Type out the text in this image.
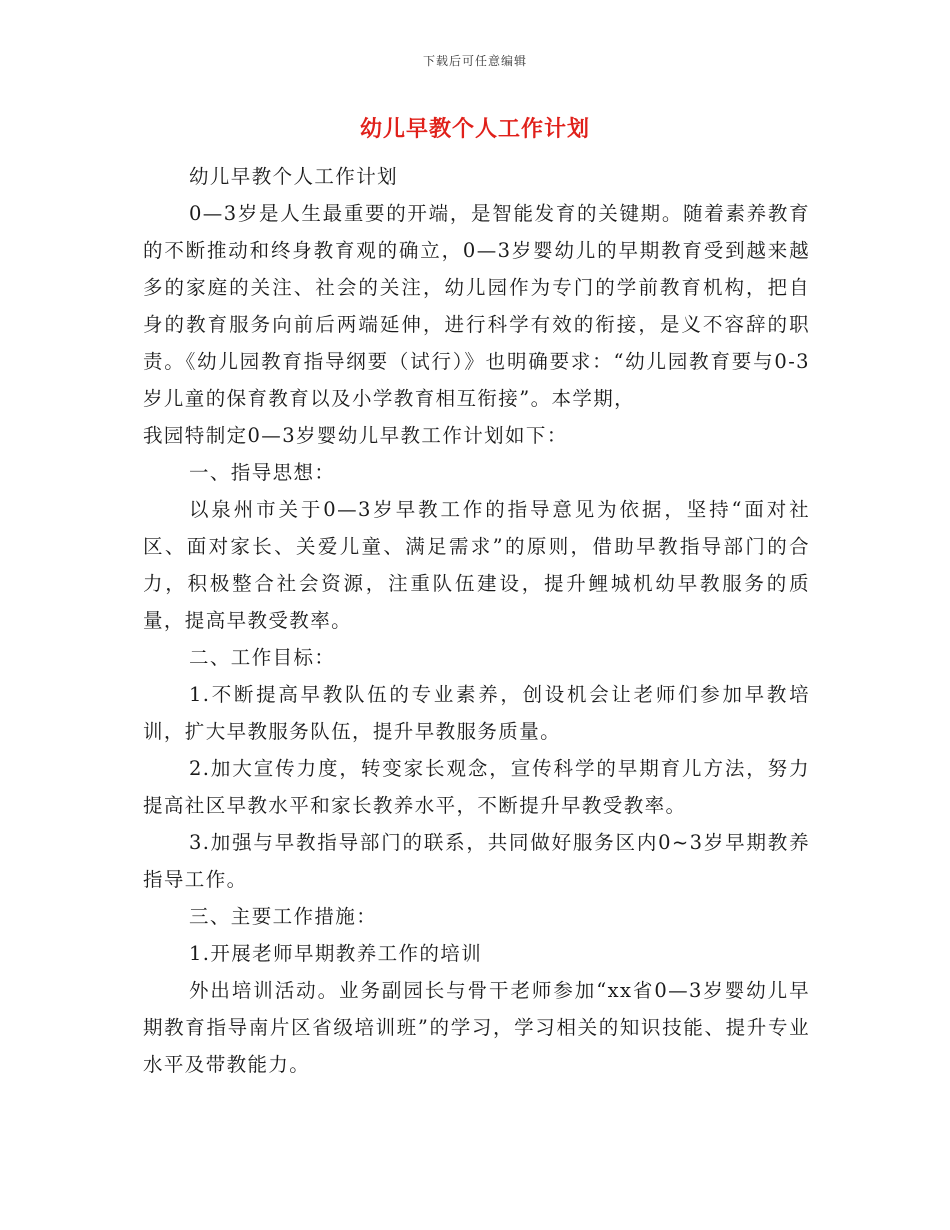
下载后可任意编辑
幼儿早教个人工作计划

幼儿早教个人工作计划

0—3岁是人生最重要的开端，是智能发育的关键期。随着素养教育的不断推动和终身教育观的确立，0—3岁婴幼儿的早期教育受到越来越多的家庭的关注、社会的关注，幼儿园作为专门的学前教育机构，把自身的教育服务向前后两端延伸，进行科学有效的衔接，是义不容辞的职责。《幼儿园教育指导纲要（试行）》也明确要求：“幼儿园教育要与0-3岁儿童的保育教育以及小学教育相互衔接”。本学期，

我园特制定0—3岁婴幼儿早教工作计划如下：

一、指导思想：

以泉州市关于0—3岁早教工作的指导意见为依据，坚持“面对社区、面对家长、关爱儿童、满足需求”的原则，借助早教指导部门的合力，积极整合社会资源，注重队伍建设，提升鲤城机幼早教服务的质量，提高早教受教率。

二、工作目标：

1.不断提高早教队伍的专业素养，创设机会让老师们参加早教培训，扩大早教服务队伍，提升早教服务质量。

2.加大宣传力度，转变家长观念，宣传科学的早期育儿方法，努力提高社区早教水平和家长教养水平，不断提升早教受教率。

3.加强与早教指导部门的联系，共同做好服务区内0~3岁早期教养指导工作。

三、主要工作措施：

1.开展老师早期教养工作的培训

外出培训活动。业务副园长与骨干老师参加“xx省0—3岁婴幼儿早期教育指导南片区省级培训班”的学习，学习相关的知识技能、提升专业水平及带教能力。
